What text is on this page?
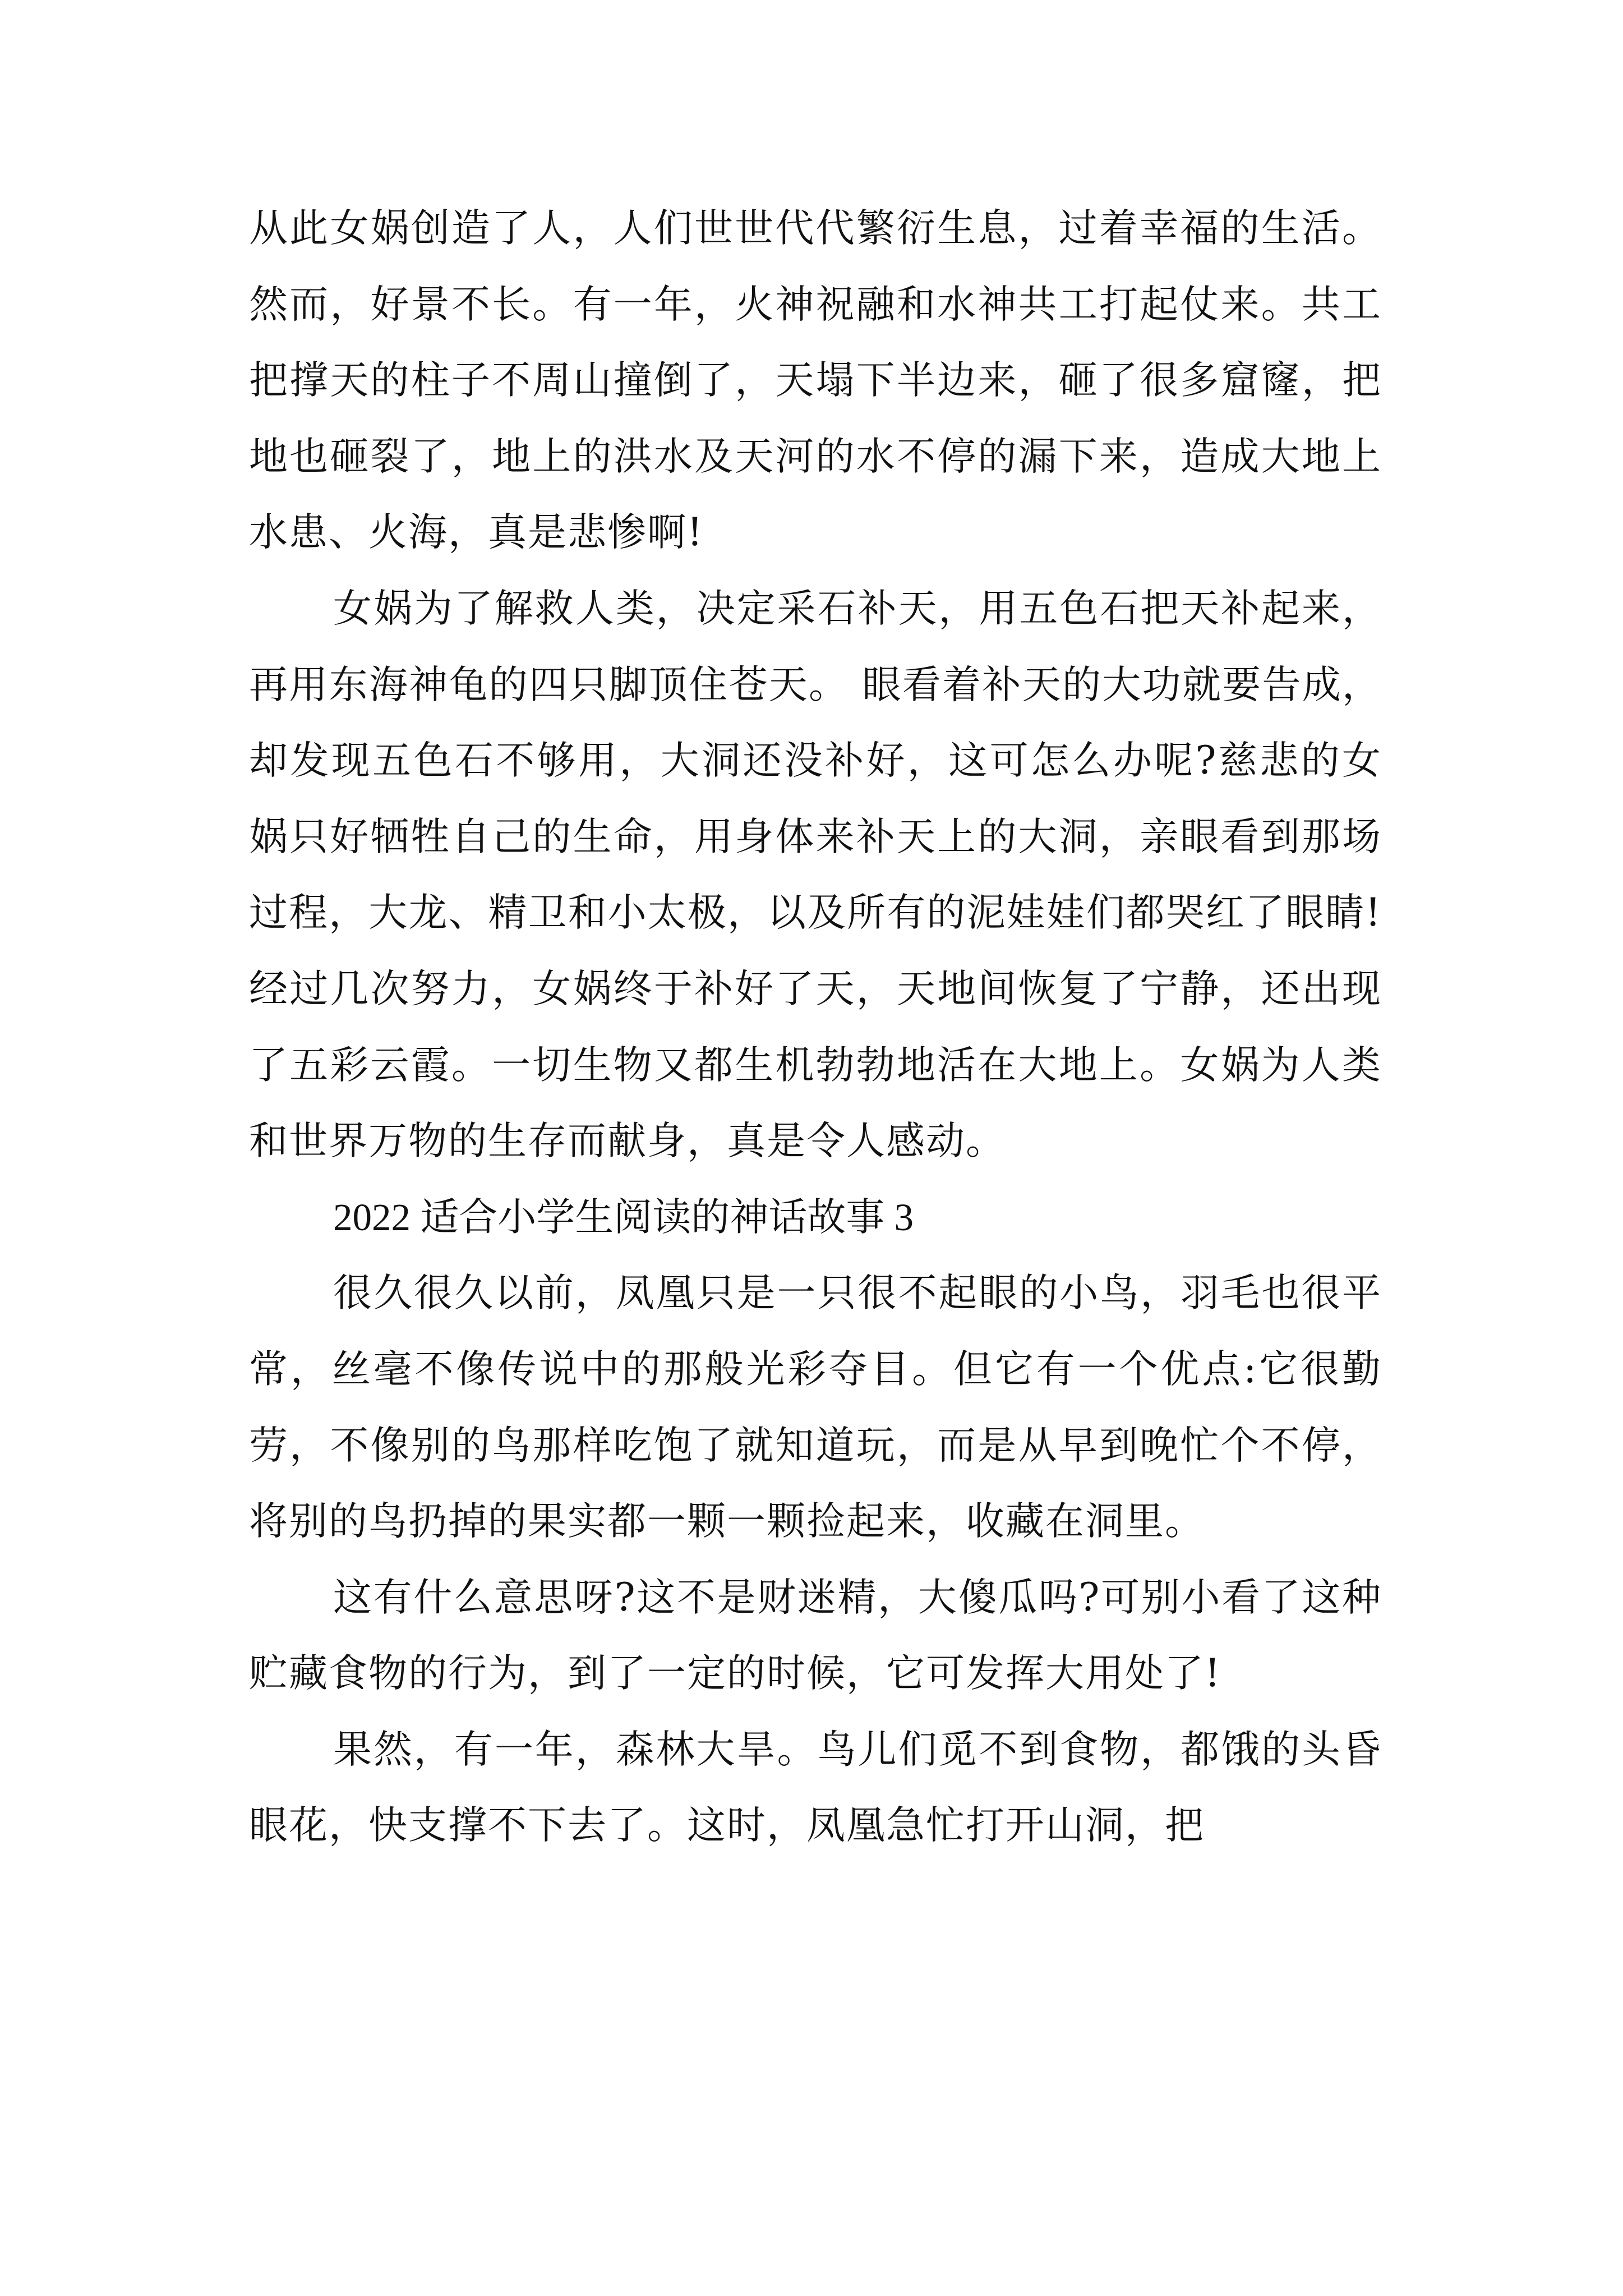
从此女娲创造了人，人们世世代代繁衍生息，过着幸福的生活。 然而，好景不长。有一年，火神祝融和水神共工打起仗来。共工把撑天的柱子不周山撞倒了，天塌下半边来，砸了很多窟窿，把地也砸裂了，地上的洪水及天河的水不停的漏下来，造成大地上水患、火海，真是悲惨啊!

女娲为了解救人类，决定采石补天，用五色石把天补起来，再用东海神龟的四只脚顶住苍天。 眼看着补天的大功就要告成，却发现五色石不够用，大洞还没补好，这可怎么办呢?慈悲的女娲只好牺牲自己的生命，用身体来补天上的大洞，亲眼看到那场过程，大龙、精卫和小太极，以及所有的泥娃娃们都哭红了眼睛!经过几次努力，女娲终于补好了天，天地间恢复了宁静，还出现了五彩云霞。一切生物又都生机勃勃地活在大地上。女娲为人类和世界万物的生存而献身，真是令人感动。

2022 适合小学生阅读的神话故事 3

很久很久以前，凤凰只是一只很不起眼的小鸟，羽毛也很平常，丝毫不像传说中的那般光彩夺目。但它有一个优点:它很勤劳，不像别的鸟那样吃饱了就知道玩，而是从早到晚忙个不停，将别的鸟扔掉的果实都一颗一颗捡起来，收藏在洞里。

这有什么意思呀?这不是财迷精，大傻瓜吗?可别小看了这种贮藏食物的行为，到了一定的时候，它可发挥大用处了!

果然，有一年，森林大旱。鸟儿们觅不到食物，都饿的头昏眼花，快支撑不下去了。这时，凤凰急忙打开山洞，把
